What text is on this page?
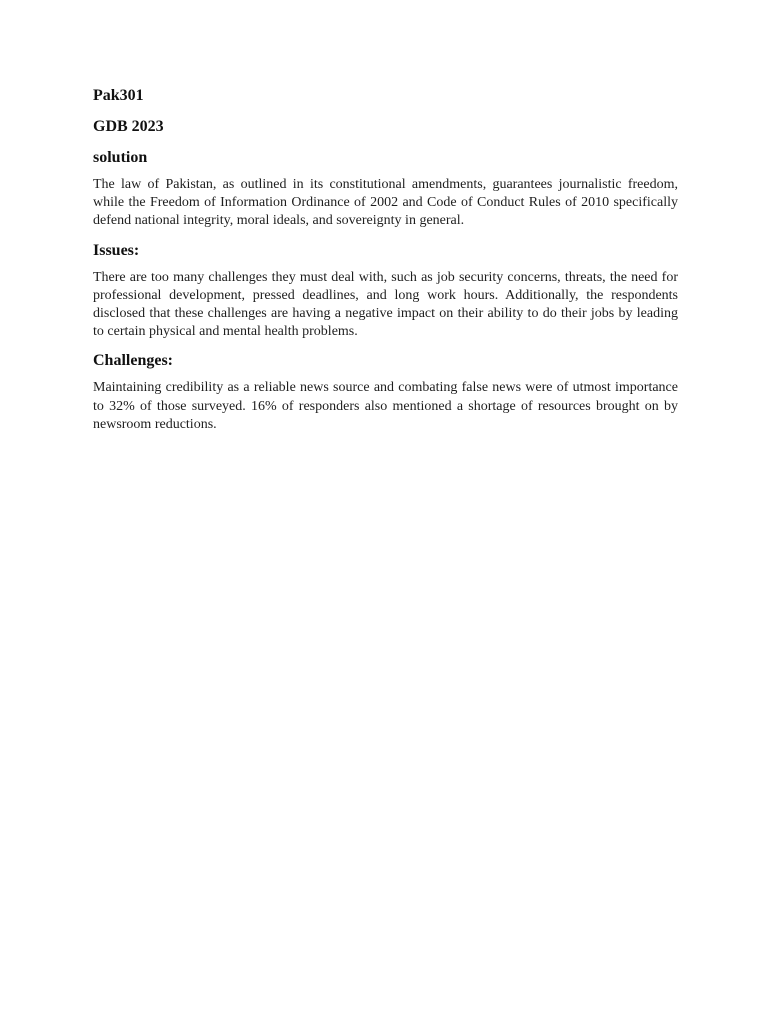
Pak301
GDB 2023
solution

The law of Pakistan, as outlined in its constitutional amendments, guarantees journalistic freedom, while the Freedom of Information Ordinance of 2002 and Code of Conduct Rules of 2010 specifically defend national integrity, moral ideals, and sovereignty in general.

Issues:

There are too many challenges they must deal with, such as job security concerns, threats, the need for professional development, pressed deadlines, and long work hours. Additionally, the respondents disclosed that these challenges are having a negative impact on their ability to do their jobs by leading to certain physical and mental health problems.

Challenges:

Maintaining credibility as a reliable news source and combating false news were of utmost importance to 32% of those surveyed. 16% of responders also mentioned a shortage of resources brought on by newsroom reductions.
